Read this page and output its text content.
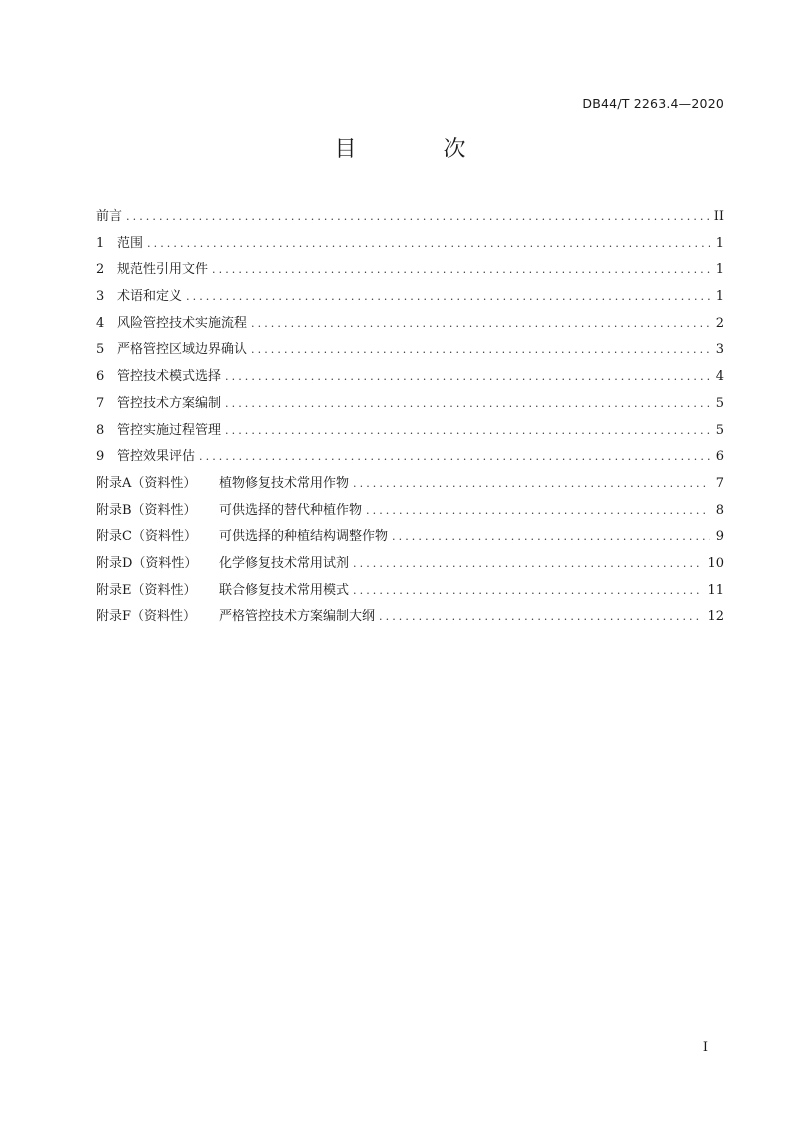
DB44/T 2263.4—2020
目 次
前言 .....	II
1 范围 .....	1
2 规范性引用文件 .....	1
3 术语和定义 .....	1
4 风险管控技术实施流程 .....	2
5 严格管控区域边界确认 .....	3
6 管控技术模式选择 .....	4
7 管控技术方案编制 .....	5
8 管控实施过程管理 .....	5
9 管控效果评估 .....	6
附录A（资料性）	植物修复技术常用作物 .....	7
附录B（资料性）	可供选择的替代种植作物 .....	8
附录C（资料性）	可供选择的种植结构调整作物 .....	9
附录D（资料性）	化学修复技术常用试剂 .....	10
附录E（资料性）	联合修复技术常用模式 .....	11
附录F（资料性）	严格管控技术方案编制大纲 .....	12
I
